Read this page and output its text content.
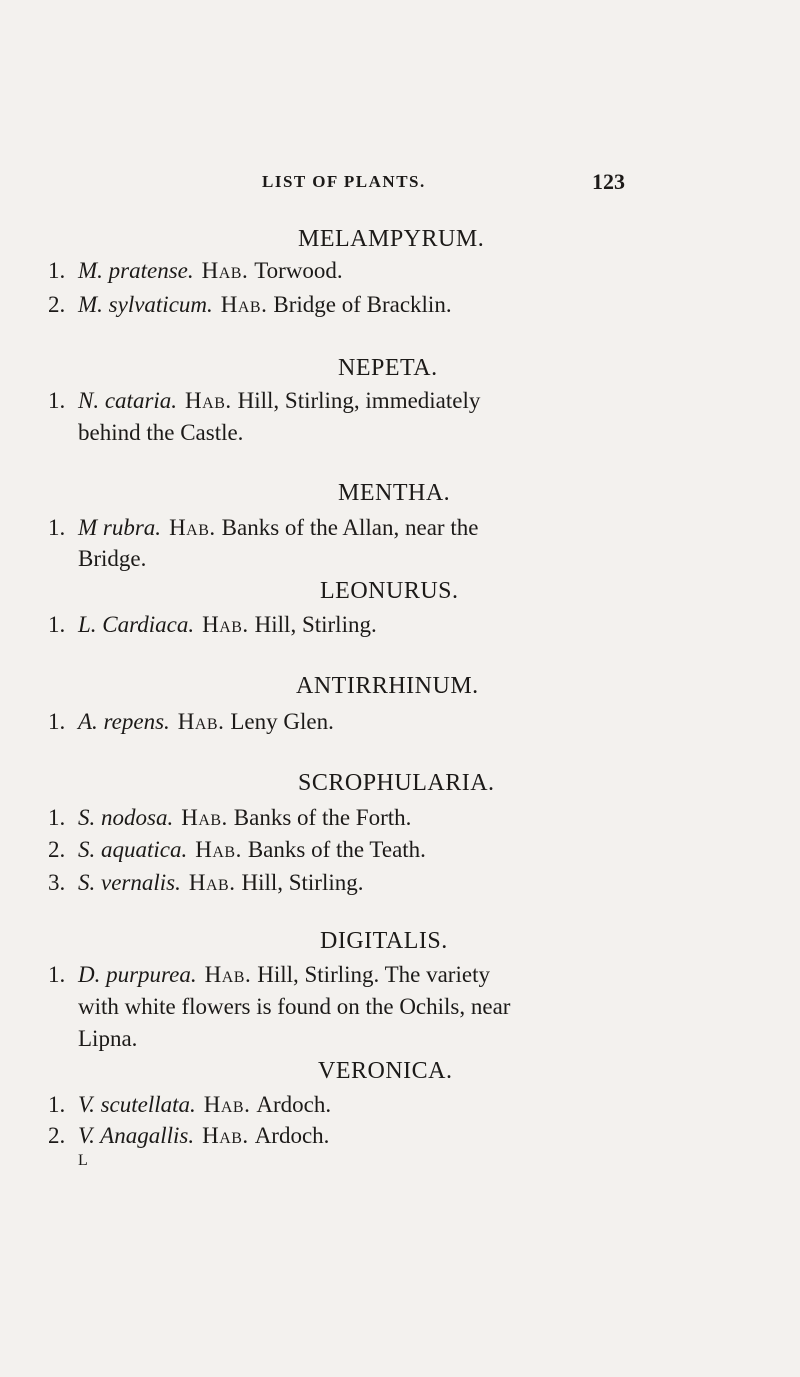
LIST OF PLANTS.	123
MELAMPYRUM.
1. M. pratense. Hab. Torwood.
2. M. sylvaticum. Hab. Bridge of Bracklin.
NEPETA.
1. N. cataria. Hab. Hill, Stirling, immediately
behind the Castle.
MENTHA.
1. M rubra. Hab. Banks of the Allan, near the
Bridge.
LEONURUS.
1. L. Cardiaca. Hab. Hill, Stirling.
ANTIRRHINUM.
1. A. repens. Hab. Leny Glen.
SCROPHULARIA.
1. S. nodosa. Hab. Banks of the Forth.
2. S. aquatica. Hab. Banks of the Teath.
3. S. vernalis. Hab. Hill, Stirling.
DIGITALIS.
1. D. purpurea. Hab. Hill, Stirling. The variety
with white flowers is found on the Ochils, near
Lipna.
VERONICA.
1. V. scutellata. Hab. Ardoch.
2. V. Anagallis. Hab. Ardoch.
L
